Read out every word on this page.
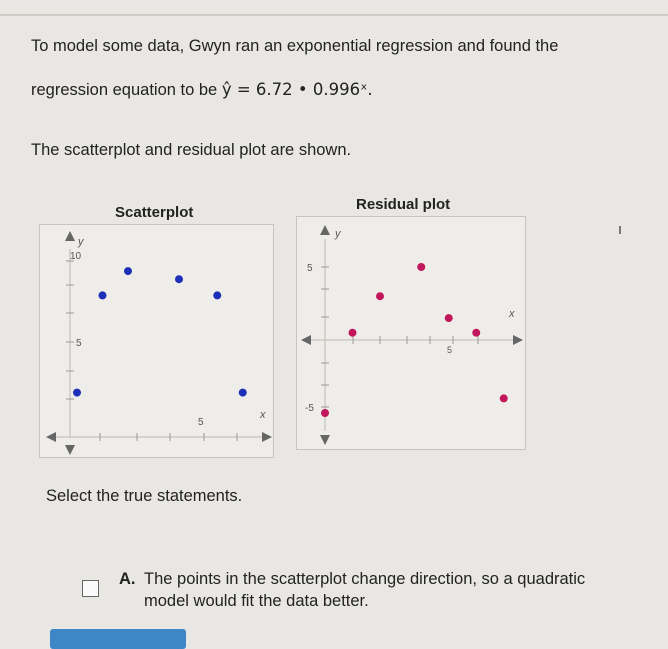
To model some data, Gwyn ran an exponential regression and found the
regression equation to be ŷ = 6.72 • 0.996ˣ.
The scatterplot and residual plot are shown.
Scatterplot	Residual plot
y
10
5
5
x
y
5
-5
5
x
Select the true statements.
A. The points in the scatterplot change direction, so a quadratic
model would fit the data better.
